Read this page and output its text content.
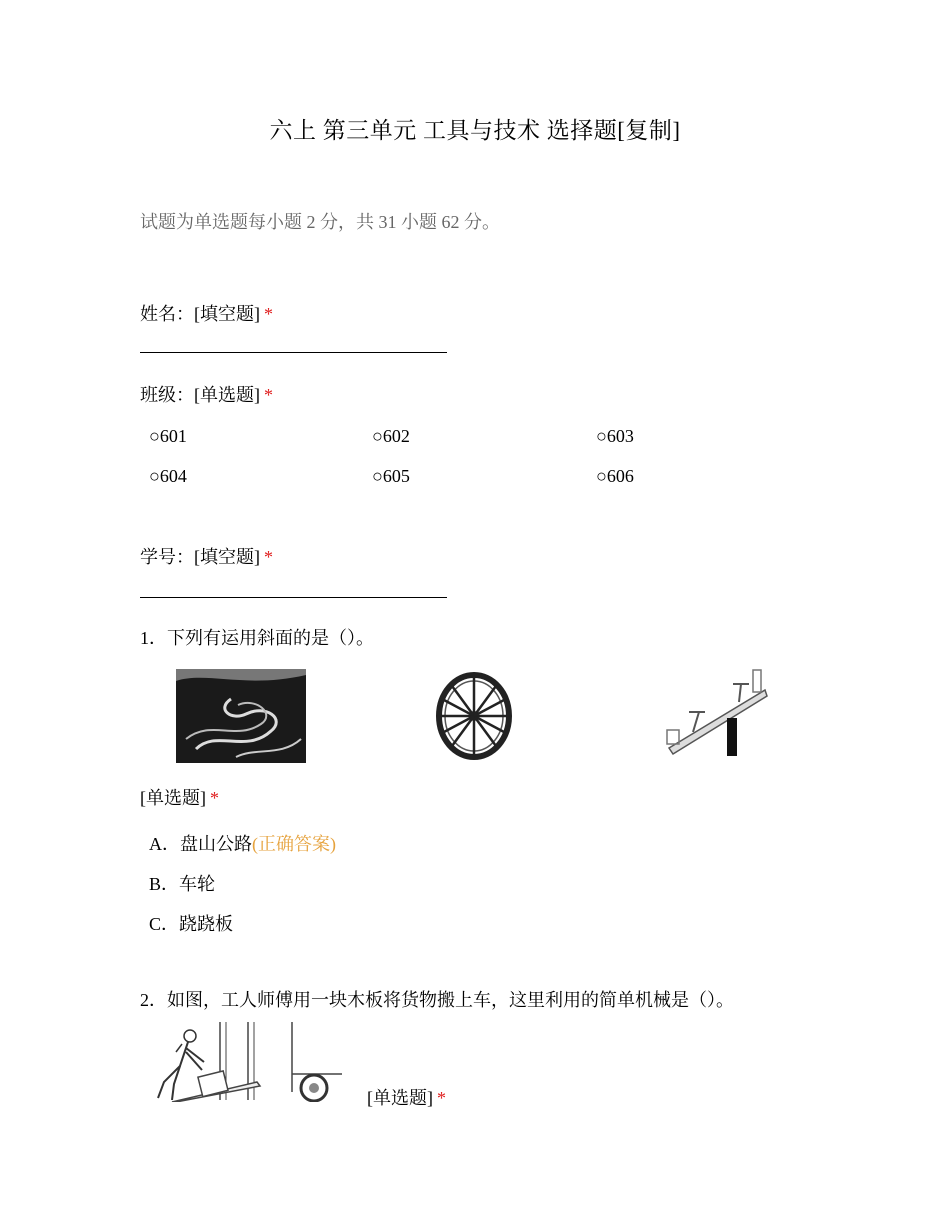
六上 第三单元 工具与技术 选择题[复制]
试题为单选题每小题 2 分，共 31 小题 62 分。
姓名：[填空题] *
班级：[单选题] *
○601	○602	○603
○604	○605	○606
学号：[填空题] *
1．下列有运用斜面的是（）。
[单选题] *
A．盘山公路(正确答案)
B．车轮
C．跷跷板
2．如图，工人师傅用一块木板将货物搬上车，这里利用的简单机械是（）。
[单选题] *
